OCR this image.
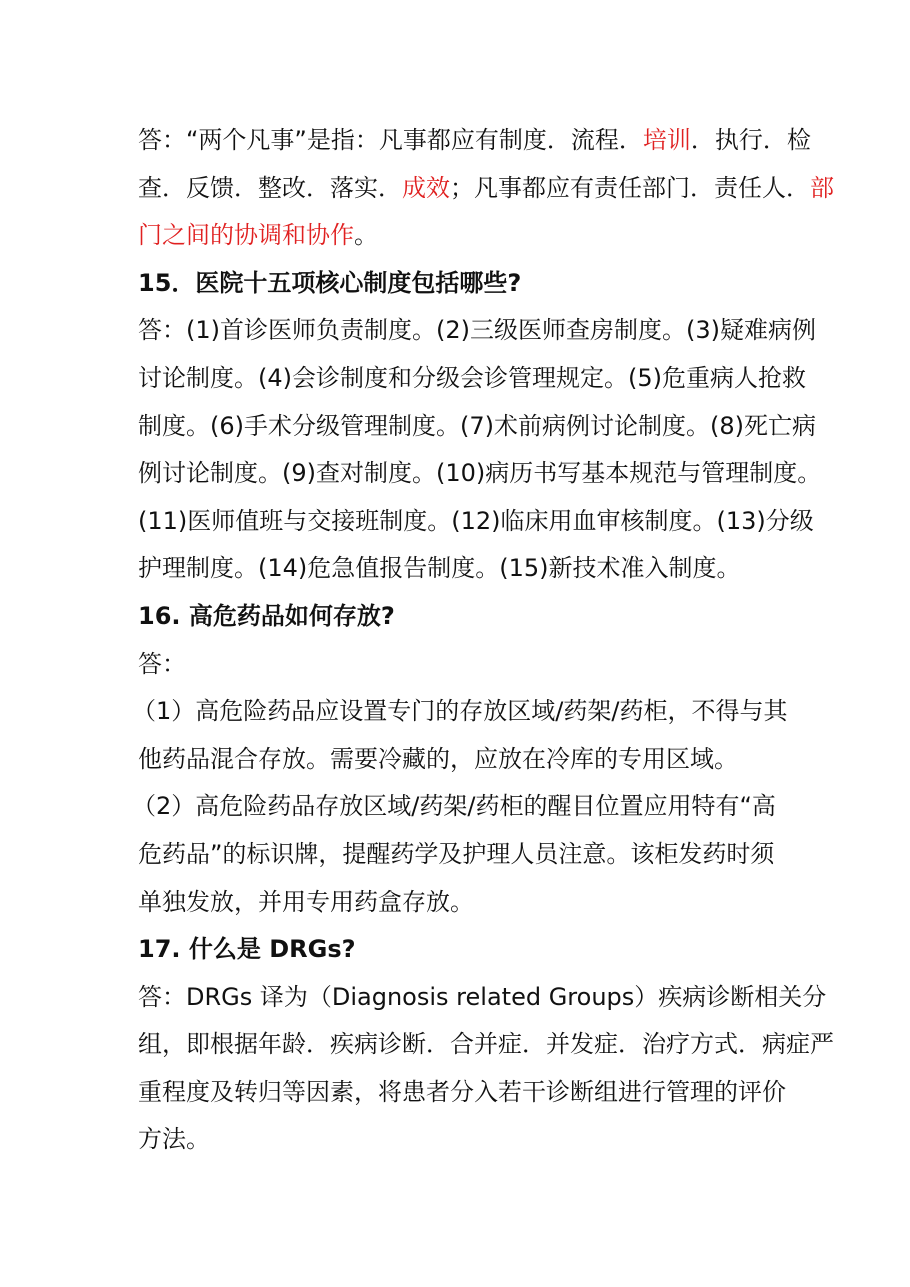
答：“两个凡事”是指：凡事都应有制度．流程．培训．执行．检
查．反馈．整改．落实．成效；凡事都应有责任部门．责任人．部
门之间的协调和协作。
15．医院十五项核心制度包括哪些?
答：(1)首诊医师负责制度。(2)三级医师查房制度。(3)疑难病例
讨论制度。(4)会诊制度和分级会诊管理规定。(5)危重病人抢救
制度。(6)手术分级管理制度。(7)术前病例讨论制度。(8)死亡病
例讨论制度。(9)查对制度。(10)病历书写基本规范与管理制度。
(11)医师值班与交接班制度。(12)临床用血审核制度。(13)分级
护理制度。(14)危急值报告制度。(15)新技术准入制度。
16. 高危药品如何存放?
答：
（1）高危险药品应设置专门的存放区域/药架/药柜，不得与其
他药品混合存放。需要冷藏的，应放在冷库的专用区域。
（2）高危险药品存放区域/药架/药柜的醒目位置应用特有“高
危药品”的标识牌，提醒药学及护理人员注意。该柜发药时须
单独发放，并用专用药盒存放。
17. 什么是 DRGs?
答：DRGs 译为（Diagnosis related Groups）疾病诊断相关分
组，即根据年龄．疾病诊断．合并症．并发症．治疗方式．病症严
重程度及转归等因素，将患者分入若干诊断组进行管理的评价
方法。
